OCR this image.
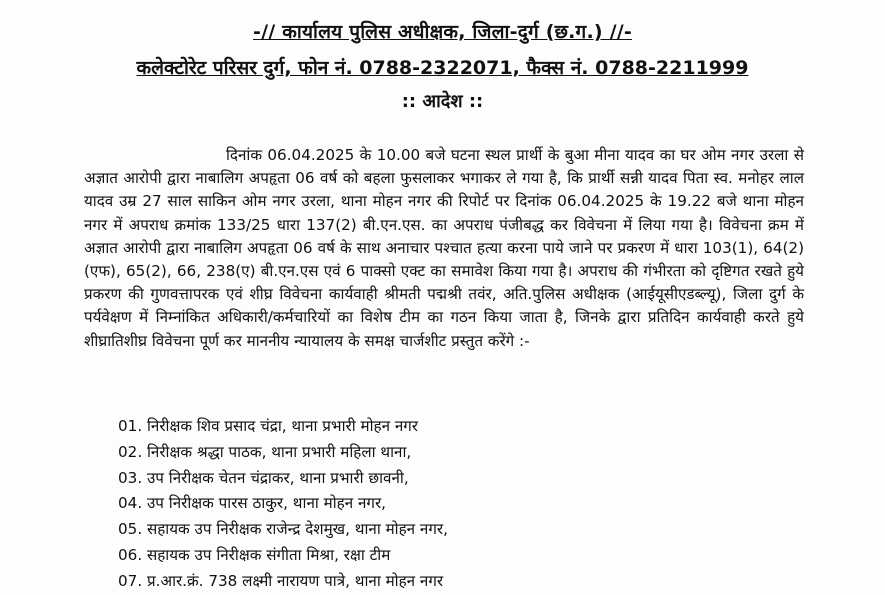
-// कार्यालय पुलिस अधीक्षक, जिला-दुर्ग (छ.ग.) //-
कलेक्टोरेट परिसर दुर्ग, फोन नं. 0788-2322071, फैक्स नं. 0788-2211999
:: आदेश ::

दिनांक 06.04.2025 के 10.00 बजे घटना स्थल प्रार्थी के बुआ मीना यादव का घर ओम नगर उरला से अज्ञात आरोपी द्वारा नाबालिग अपहृता 06 वर्ष को बहला फुसलाकर भगाकर ले गया है, कि प्रार्थी सन्नी यादव पिता स्व. मनोहर लाल यादव उम्र 27 साल साकिन ओम नगर उरला, थाना मोहन नगर की रिपोर्ट पर दिनांक 06.04.2025 के 19.22 बजे थाना मोहन नगर में अपराध क्रमांक 133/25 धारा 137(2) बी.एन.एस. का अपराध पंजीबद्ध कर विवेचना में लिया गया है। विवेचना क्रम में अज्ञात आरोपी द्वारा नाबालिग अपहृता 06 वर्ष के साथ अनाचार पश्चात हत्या करना पाये जाने पर प्रकरण में धारा 103(1), 64(2)(एफ), 65(2), 66, 238(ए) बी.एन.एस एवं 6 पाक्सो एक्ट का समावेश किया गया है। अपराध की गंभीरता को दृष्टिगत रखते हुये प्रकरण की गुणवत्तापरक एवं शीघ्र विवेचना कार्यवाही श्रीमती पद्मश्री तवंर, अति.पुलिस अधीक्षक (आईयूसीएडब्ल्यू), जिला दुर्ग के पर्यवेक्षण में निम्नांकित अधिकारी/कर्मचारियों का विशेष टीम का गठन किया जाता है, जिनके द्वारा प्रतिदिन कार्यवाही करते हुये शीघ्रातिशीघ्र विवेचना पूर्ण कर माननीय न्यायालय के समक्ष चार्जशीट प्रस्तुत करेंगे :-

01. निरीक्षक शिव प्रसाद चंद्रा, थाना प्रभारी मोहन नगर
02. निरीक्षक श्रद्धा पाठक, थाना प्रभारी महिला थाना,
03. उप निरीक्षक चेतन चंद्राकर, थाना प्रभारी छावनी,
04. उप निरीक्षक पारस ठाकुर, थाना मोहन नगर,
05. सहायक उप निरीक्षक राजेन्द्र देशमुख, थाना मोहन नगर,
06. सहायक उप निरीक्षक संगीता मिश्रा, रक्षा टीम
07. प्र.आर.क्रं. 738 लक्ष्मी नारायण पात्रे, थाना मोहन नगर
